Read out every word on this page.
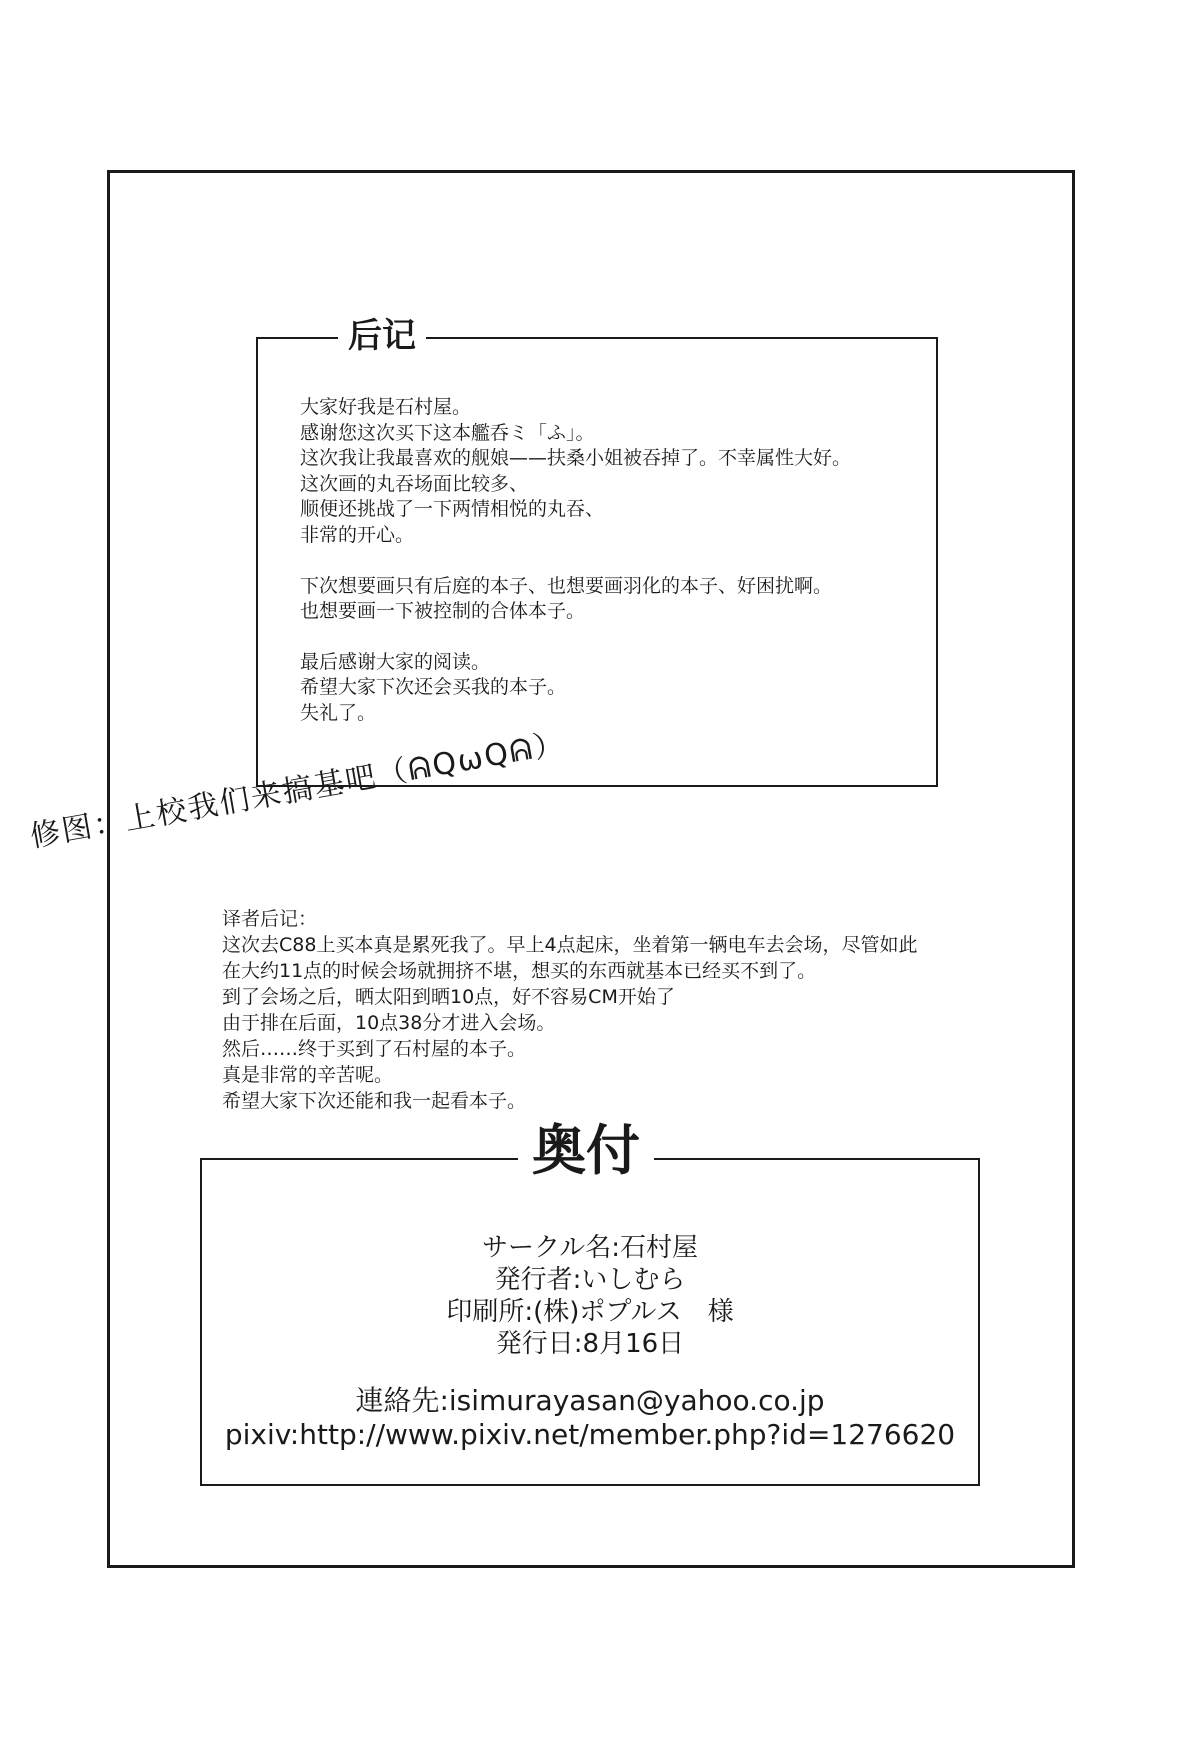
后记
大家好我是石村屋。
感谢您这次买下这本艦呑ミ「ふ」。
这次我让我最喜欢的舰娘——扶桑小姐被吞掉了。不幸属性大好。
这次画的丸吞场面比较多、
顺便还挑战了一下两情相悦的丸吞、
非常的开心。
下次想要画只有后庭的本子、也想要画羽化的本子、好困扰啊。
也想要画一下被控制的合体本子。
最后感谢大家的阅读。
希望大家下次还会买我的本子。
失礼了。
修图：上校我们来搞基吧（ᕱQωQᕱ）
译者后记：
这次去C88上买本真是累死我了。早上4点起床，坐着第一辆电车去会场，尽管如此
在大约11点的时候会场就拥挤不堪，想买的东西就基本已经买不到了。
到了会场之后，晒太阳到晒10点，好不容易CM开始了
由于排在后面，10点38分才进入会场。
然后……终于买到了石村屋的本子。
真是非常的辛苦呢。
希望大家下次还能和我一起看本子。
奥付
サークル名:石村屋
発行者:いしむら
印刷所:(株)ポプルス　様
発行日:8月16日
連絡先:isimurayasan@yahoo.co.jp
pixiv:http://www.pixiv.net/member.php?id=1276620
